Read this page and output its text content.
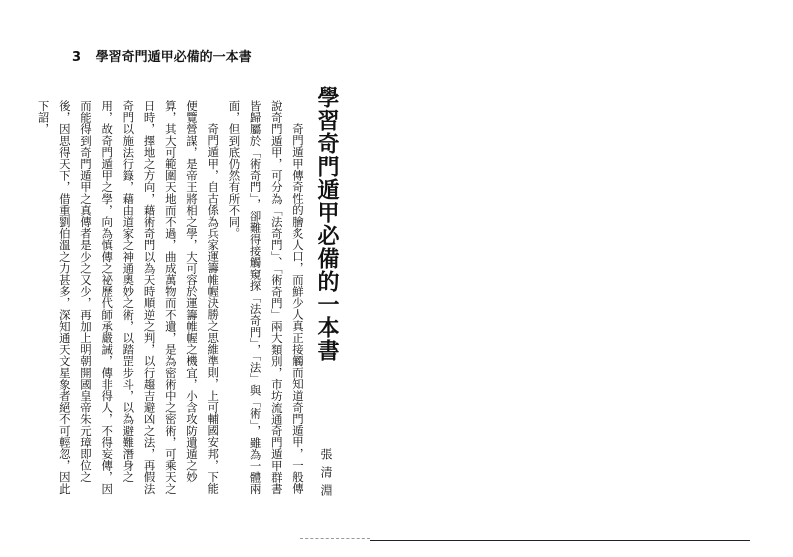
3 學習奇門遁甲必備的一本書
學習奇門遁甲必備的一本書
張清淵

奇門遁甲傳奇性的膾炙人口，而鮮少人真正接觸而知道奇門遁甲，一般傳說奇門遁甲，可分為「法奇門」、「術奇門」兩大類別，市坊流通奇門遁甲群書皆歸屬於「術奇門」，卻難得接觸窺探「法奇門」，「法」與「術」，雖為一體兩面，但到底仍然有所不同。

奇門遁甲，自古係為兵家運籌帷幄決勝之思維準則，上可輔國安邦，下能便覽營謀，是帝王將相之學，大可容於運籌帷幄之機宜，小含攻防遺遁之妙算，其大可範圍天地而不過，曲成萬物而不遺，是為密術中之密術，可乘天之日時，擇地之方向，藉術奇門以為天時順逆之判，以行趨吉避凶之法，再假法奇門以施法行籙，藉由道家之神通奧妙之術，以踏罡步斗，以為避難潛身之用，故奇門遁甲之學，向為慎傳之祕歷代師承嚴誡，傳非得人，不得妄傳，因而能得到奇門遁甲之真傳者是少之又少，再加上明朝開國皇帝朱元璋即位之後，因思得天下，借重劉伯溫之力甚多，深知通天文星象者絕不可輕忽，因此下詔，
